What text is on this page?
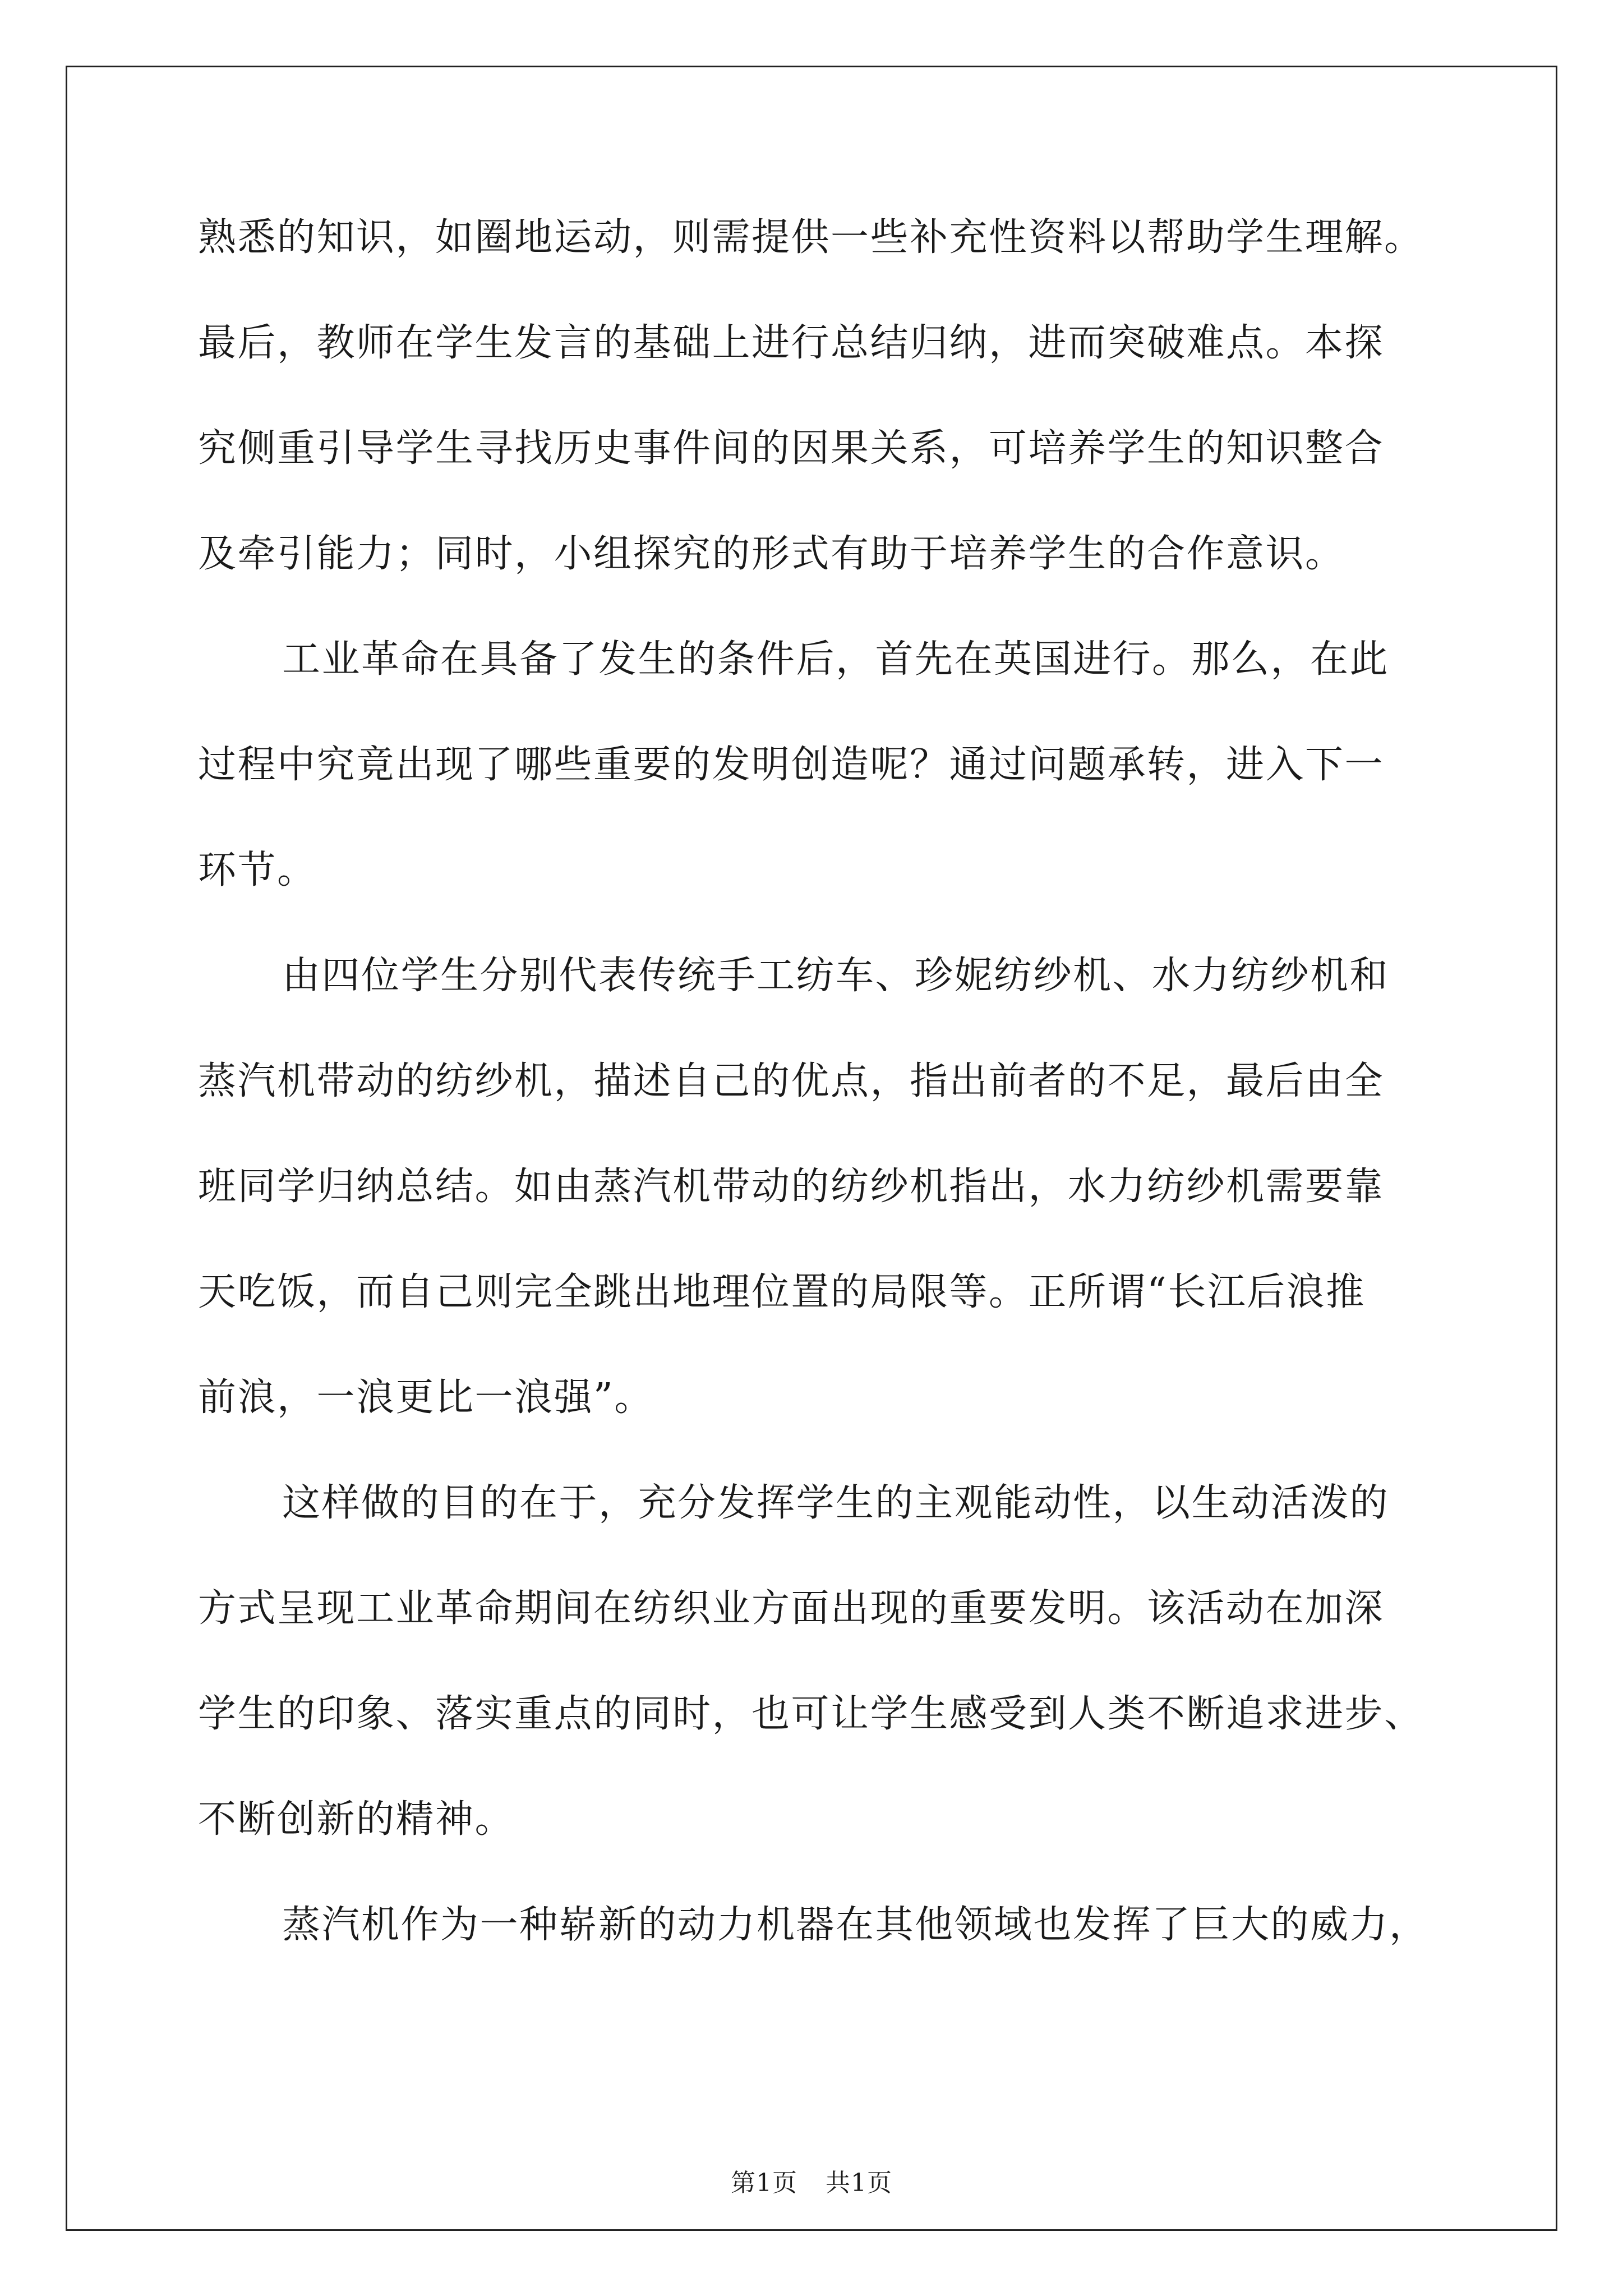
熟悉的知识，如圈地运动，则需提供一些补充性资料以帮助学生理解。
最后，教师在学生发言的基础上进行总结归纳，进而突破难点。本探
究侧重引导学生寻找历史事件间的因果关系，可培养学生的知识整合
及牵引能力；同时，小组探究的形式有助于培养学生的合作意识。
工业革命在具备了发生的条件后，首先在英国进行。那么，在此
过程中究竟出现了哪些重要的发明创造呢？通过问题承转，进入下一
环节。
由四位学生分别代表传统手工纺车、珍妮纺纱机、水力纺纱机和
蒸汽机带动的纺纱机，描述自己的优点，指出前者的不足，最后由全
班同学归纳总结。如由蒸汽机带动的纺纱机指出，水力纺纱机需要靠
天吃饭，而自己则完全跳出地理位置的局限等。正所谓“长江后浪推
前浪，一浪更比一浪强”。
这样做的目的在于，充分发挥学生的主观能动性，以生动活泼的
方式呈现工业革命期间在纺织业方面出现的重要发明。该活动在加深
学生的印象、落实重点的同时，也可让学生感受到人类不断追求进步、
不断创新的精神。
蒸汽机作为一种崭新的动力机器在其他领域也发挥了巨大的威力，
第1页 共1页
